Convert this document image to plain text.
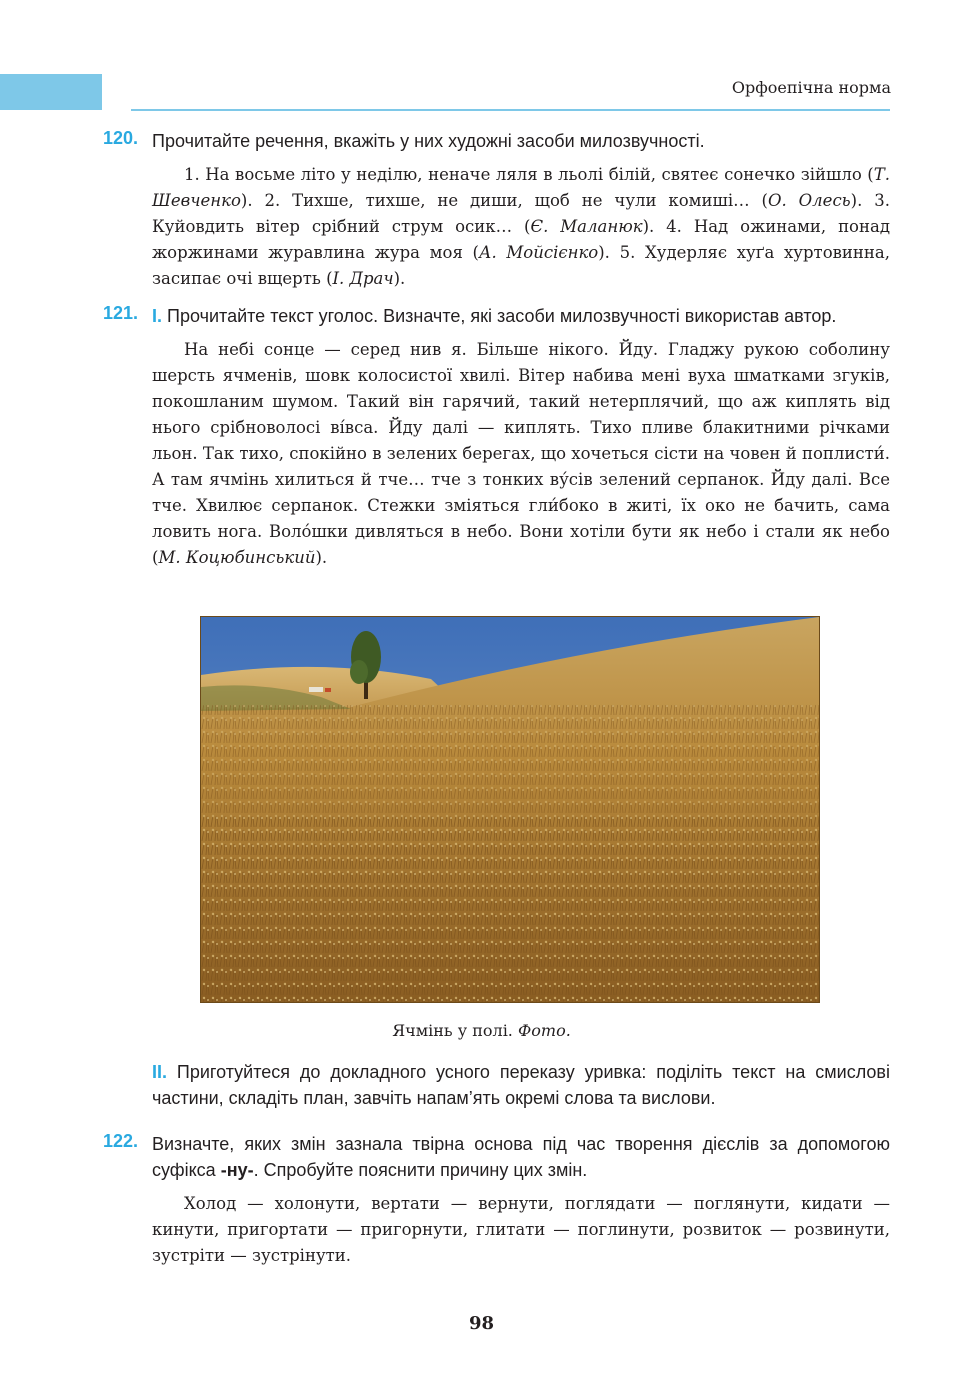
Орфоепічна норма
120. Прочитайте речення, вкажіть у них художні засоби милозвучності.
1. На восьме літо у неділю, неначе ляля в льолі білій, святеє сонечко зійшло (Т. Шевченко). 2. Тихше, тихше, не диши, щоб не чули комиші… (О. Олесь). 3. Куйовдить вітер срібний струм осик… (Є. Маланюк). 4. Над ожинами, понад жоржинами журавлина жура моя (А. Мойсієнко). 5. Худерляє хуґа хуртовинна, засипає очі вщерть (І. Драч).
121. І. Прочитайте текст уголос. Визначте, які засоби милозвучності використав автор.
На небі сонце — серед нив я. Більше нікого. Йду. Гладжу рукою соболину шерсть ячменів, шовк колосистої хвилі. Вітер набива мені вуха шматками згуків, покошланим шумом. Такий він гарячий, такий нетерплячий, що аж киплять від нього срібноволосі ві́вса. Йду далі — киплять. Тихо пливе блакитними річками льон. Так тихо, спокійно в зелених берегах, що хочеться сісти на човен й поплисти́. А там ячмінь хилиться й тче… тче з тонких ву́сів зелений серпанок. Йду далі. Все тче. Хвилює серпанок. Стежки зміяться гли́боко в житі, їх око не бачить, сама ловить нога. Воло́шки дивляться в небо. Вони хотіли бути як небо і стали як небо (М. Коцюбинський).
Ячмінь у полі. Фото.
ІІ. Приготуйтеся до докладного усного переказу уривка: поділіть текст на смислові частини, складіть план, завчіть напам’ять окремі слова та вислови.
122. Визначте, яких змін зазнала твірна основа під час творення дієслів за допомогою суфікса -ну-. Спробуйте пояснити причину цих змін.
Холод — холонути, вертати — вернути, поглядати — поглянути, кидати — кинути, пригортати — пригорнути, глитати — поглинути, розвиток — розвинути, зустріти — зустрінути.
98
